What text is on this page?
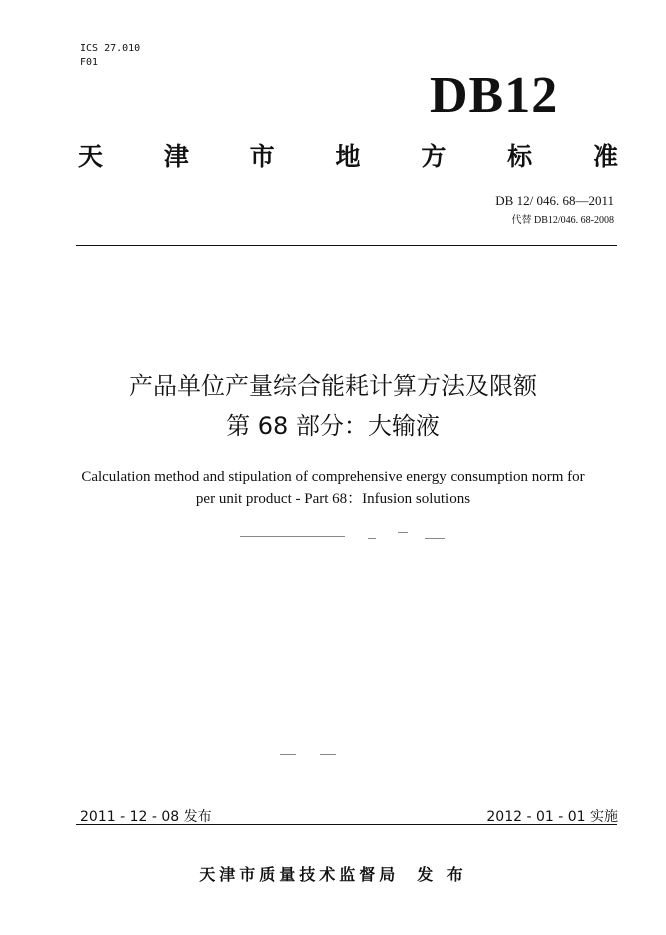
ICS 27.010
F01
DB12
天 津 市 地 方 标 准
DB 12/ 046. 68—2011
代替 DB12/046. 68-2008
产品单位产量综合能耗计算方法及限额
第 68 部分：大输液
Calculation method and stipulation of comprehensive energy consumption norm for
per unit product - Part 68：Infusion solutions
2011 - 12 - 08 发布	2012 - 01 - 01 实施
天津市质量技术监督局 发 布
